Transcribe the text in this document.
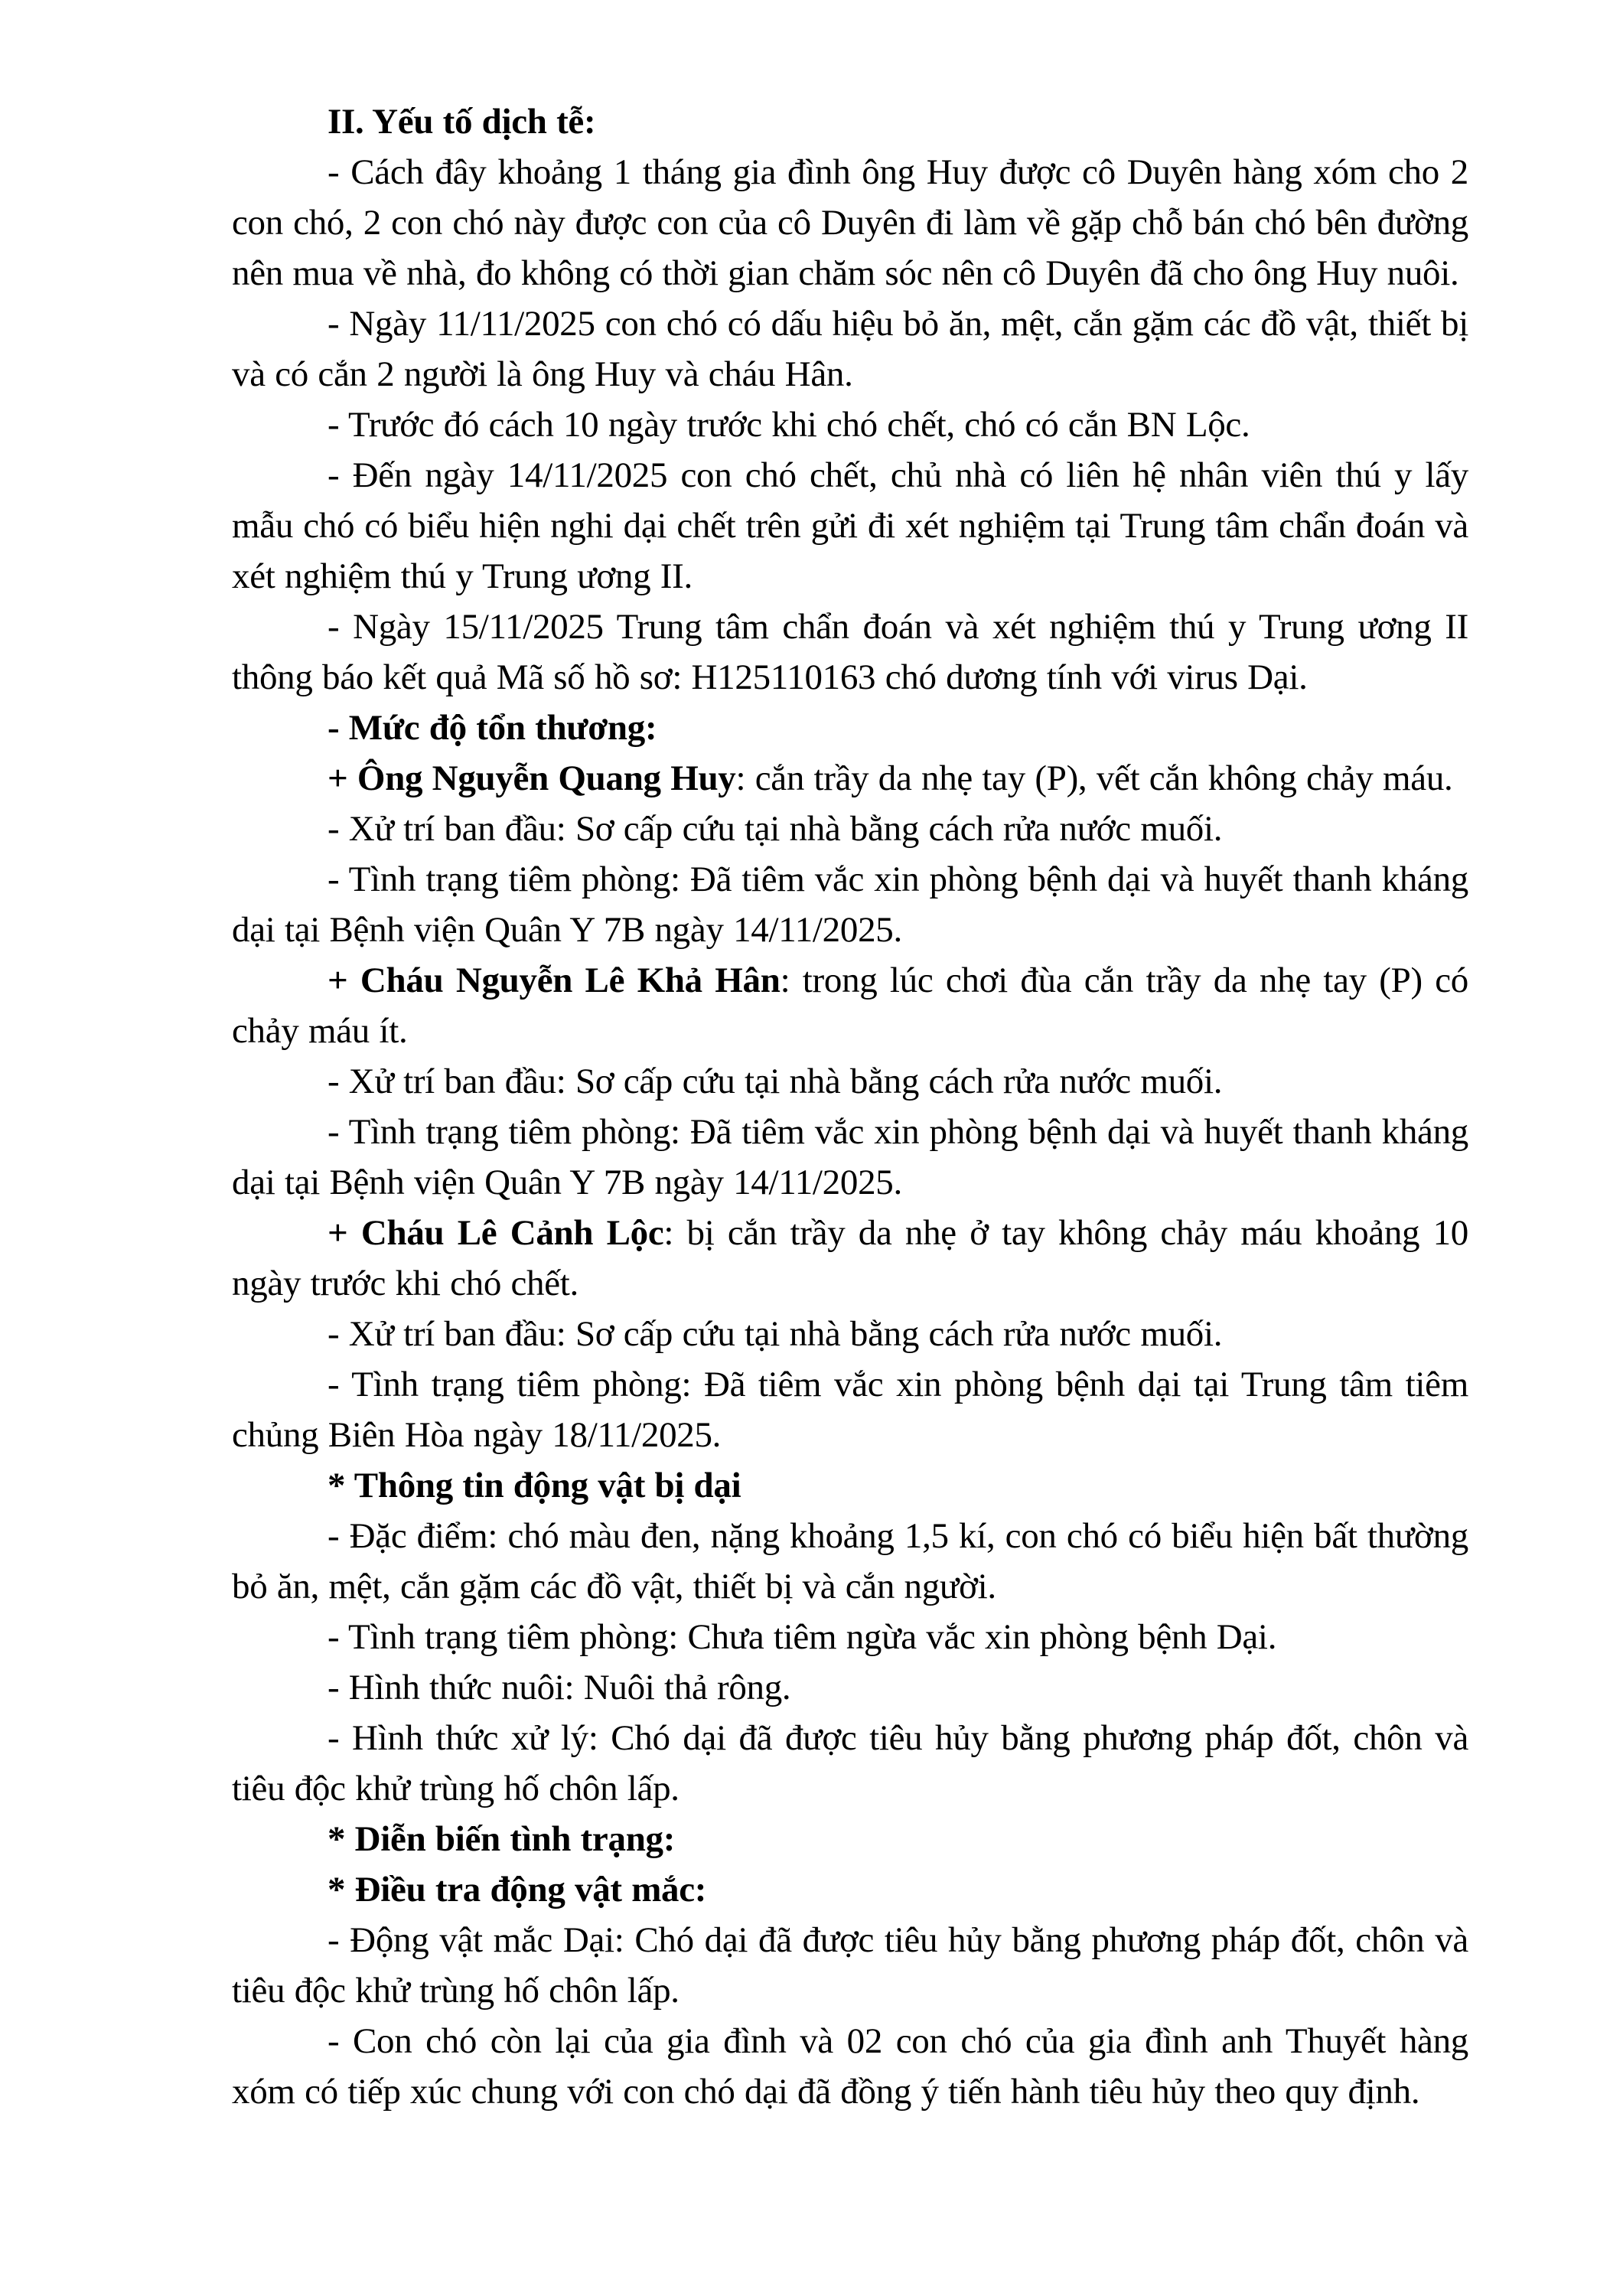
II. Yếu tố dịch tễ:

- Cách đây khoảng 1 tháng gia đình ông Huy được cô Duyên hàng xóm cho 2 con chó, 2 con chó này được con của cô Duyên đi làm về gặp chỗ bán chó bên đường nên mua về nhà, đo không có thời gian chăm sóc nên cô Duyên đã cho ông Huy nuôi.

- Ngày 11/11/2025 con chó có dấu hiệu bỏ ăn, mệt, cắn gặm các đồ vật, thiết bị và có cắn 2 người là ông Huy và cháu Hân.

- Trước đó cách 10 ngày trước khi chó chết, chó có cắn BN Lộc.

- Đến ngày 14/11/2025 con chó chết, chủ nhà có liên hệ nhân viên thú y lấy mẫu chó có biểu hiện nghi dại chết trên gửi đi xét nghiệm tại Trung tâm chẩn đoán và xét nghiệm thú y Trung ương II.

- Ngày 15/11/2025 Trung tâm chẩn đoán và xét nghiệm thú y Trung ương II thông báo kết quả Mã số hồ sơ: H125110163 chó dương tính với virus Dại.

- Mức độ tổn thương:

+ Ông Nguyễn Quang Huy: cắn trầy da nhẹ tay (P), vết cắn không chảy máu.

- Xử trí ban đầu: Sơ cấp cứu tại nhà bằng cách rửa nước muối.

- Tình trạng tiêm phòng: Đã tiêm vắc xin phòng bệnh dại và huyết thanh kháng dại tại Bệnh viện Quân Y 7B ngày 14/11/2025.

+ Cháu Nguyễn Lê Khả Hân: trong lúc chơi đùa cắn trầy da nhẹ tay (P) có chảy máu ít.

- Xử trí ban đầu: Sơ cấp cứu tại nhà bằng cách rửa nước muối.

- Tình trạng tiêm phòng: Đã tiêm vắc xin phòng bệnh dại và huyết thanh kháng dại tại Bệnh viện Quân Y 7B ngày 14/11/2025.

+ Cháu Lê Cảnh Lộc: bị cắn trầy da nhẹ ở tay không chảy máu khoảng 10 ngày trước khi chó chết.

- Xử trí ban đầu: Sơ cấp cứu tại nhà bằng cách rửa nước muối.

- Tình trạng tiêm phòng: Đã tiêm vắc xin phòng bệnh dại tại Trung tâm tiêm chủng Biên Hòa ngày 18/11/2025.

* Thông tin động vật bị dại

- Đặc điểm: chó màu đen, nặng khoảng 1,5 kí, con chó có biểu hiện bất thường bỏ ăn, mệt, cắn gặm các đồ vật, thiết bị và cắn người.

- Tình trạng tiêm phòng: Chưa tiêm ngừa vắc xin phòng bệnh Dại.

- Hình thức nuôi: Nuôi thả rông.

- Hình thức xử lý: Chó dại đã được tiêu hủy bằng phương pháp đốt, chôn và tiêu độc khử trùng hố chôn lấp.

* Diễn biến tình trạng:

* Điều tra động vật mắc:

- Động vật mắc Dại: Chó dại đã được tiêu hủy bằng phương pháp đốt, chôn và tiêu độc khử trùng hố chôn lấp.

- Con chó còn lại của gia đình và 02 con chó của gia đình anh Thuyết hàng xóm có tiếp xúc chung với con chó dại đã đồng ý tiến hành tiêu hủy theo quy định.
